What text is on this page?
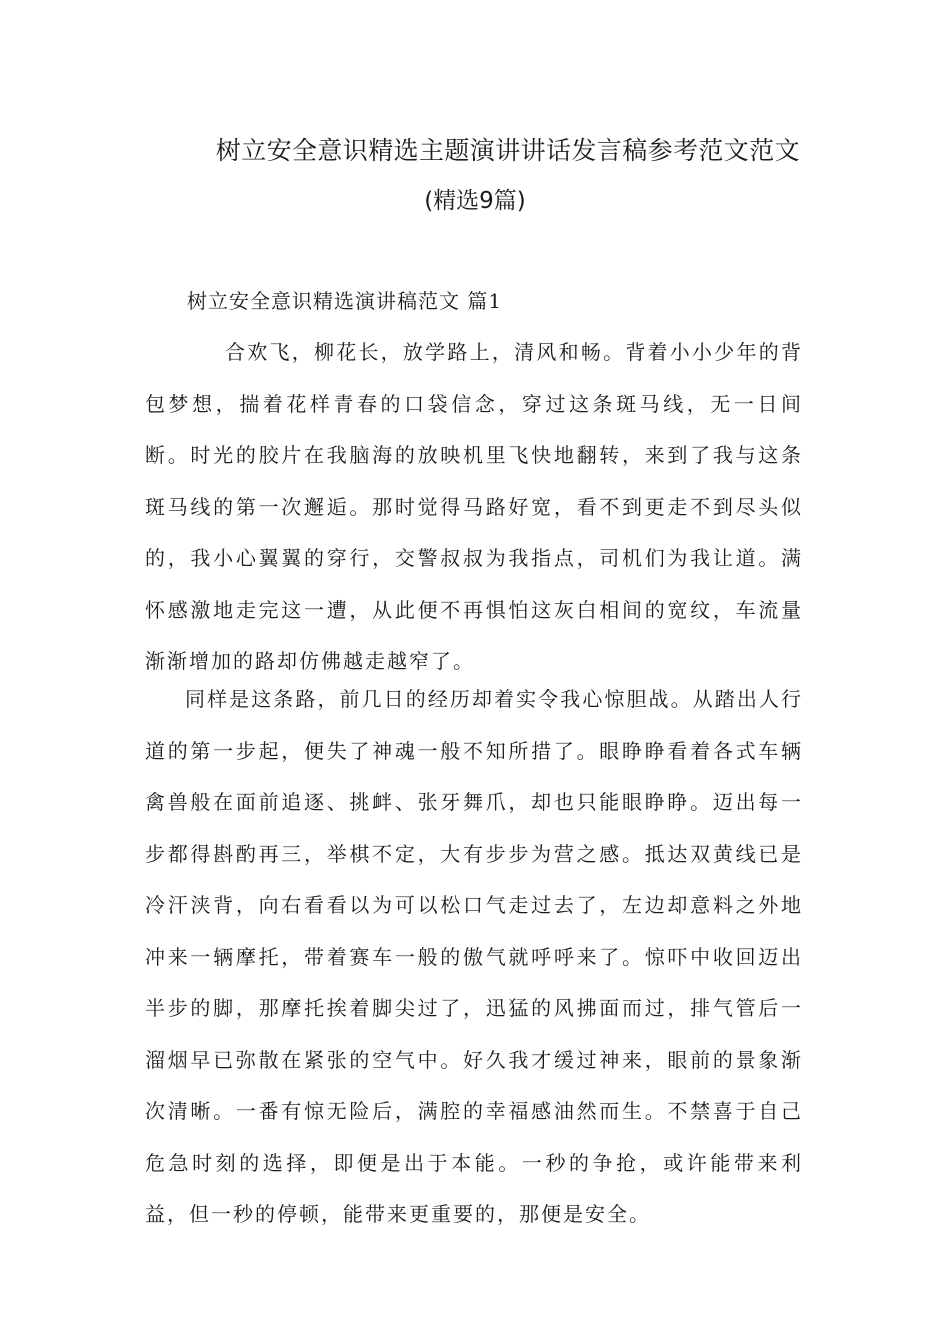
树立安全意识精选主题演讲讲话发言稿参考范文范文
(精选9篇)
树立安全意识精选演讲稿范文 篇1

合欢飞，柳花长，放学路上，清风和畅。背着小小少年的背包梦想，揣着花样青春的口袋信念，穿过这条斑马线，无一日间断。时光的胶片在我脑海的放映机里飞快地翻转，来到了我与这条斑马线的第一次邂逅。那时觉得马路好宽，看不到更走不到尽头似的，我小心翼翼的穿行，交警叔叔为我指点，司机们为我让道。满怀感激地走完这一遭，从此便不再惧怕这灰白相间的宽纹，车流量渐渐增加的路却仿佛越走越窄了。

同样是这条路，前几日的经历却着实令我心惊胆战。从踏出人行道的第一步起，便失了神魂一般不知所措了。眼睁睁看着各式车辆禽兽般在面前追逐、挑衅、张牙舞爪，却也只能眼睁睁。迈出每一步都得斟酌再三，举棋不定，大有步步为营之感。抵达双黄线已是冷汗浃背，向右看看以为可以松口气走过去了，左边却意料之外地冲来一辆摩托，带着赛车一般的傲气就呼呼来了。惊吓中收回迈出半步的脚，那摩托挨着脚尖过了，迅猛的风拂面而过，排气管后一溜烟早已弥散在紧张的空气中。好久我才缓过神来，眼前的景象渐次清晰。一番有惊无险后，满腔的幸福感油然而生。不禁喜于自己危急时刻的选择，即便是出于本能。一秒的争抢，或许能带来利益，但一秒的停顿，能带来更重要的，那便是安全。
